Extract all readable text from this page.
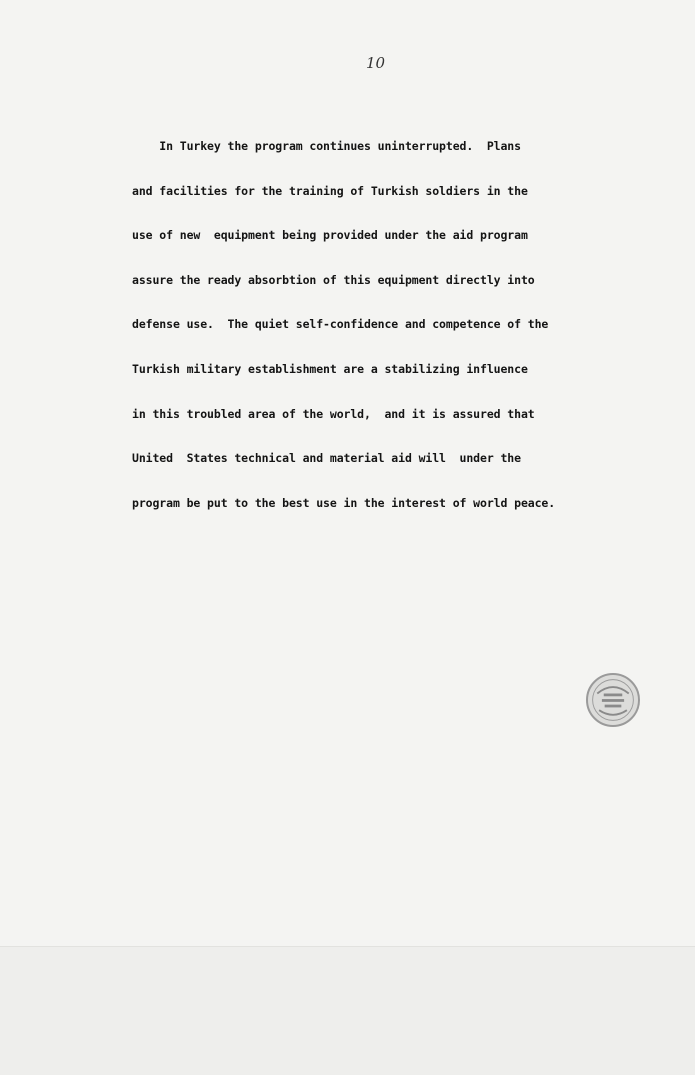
10
In Turkey the program continues uninterrupted.  Plans
and facilities for the training of Turkish soldiers in the
use of new  equipment being provided under the aid program
assure the ready absorbtion of this equipment directly into
defense use.  The quiet self-confidence and competence of the
Turkish military establishment are a stabilizing influence
in this troubled area of the world,  and it is assured that
United  States technical and material aid will  under the
program be put to the best use in the interest of world peace.
